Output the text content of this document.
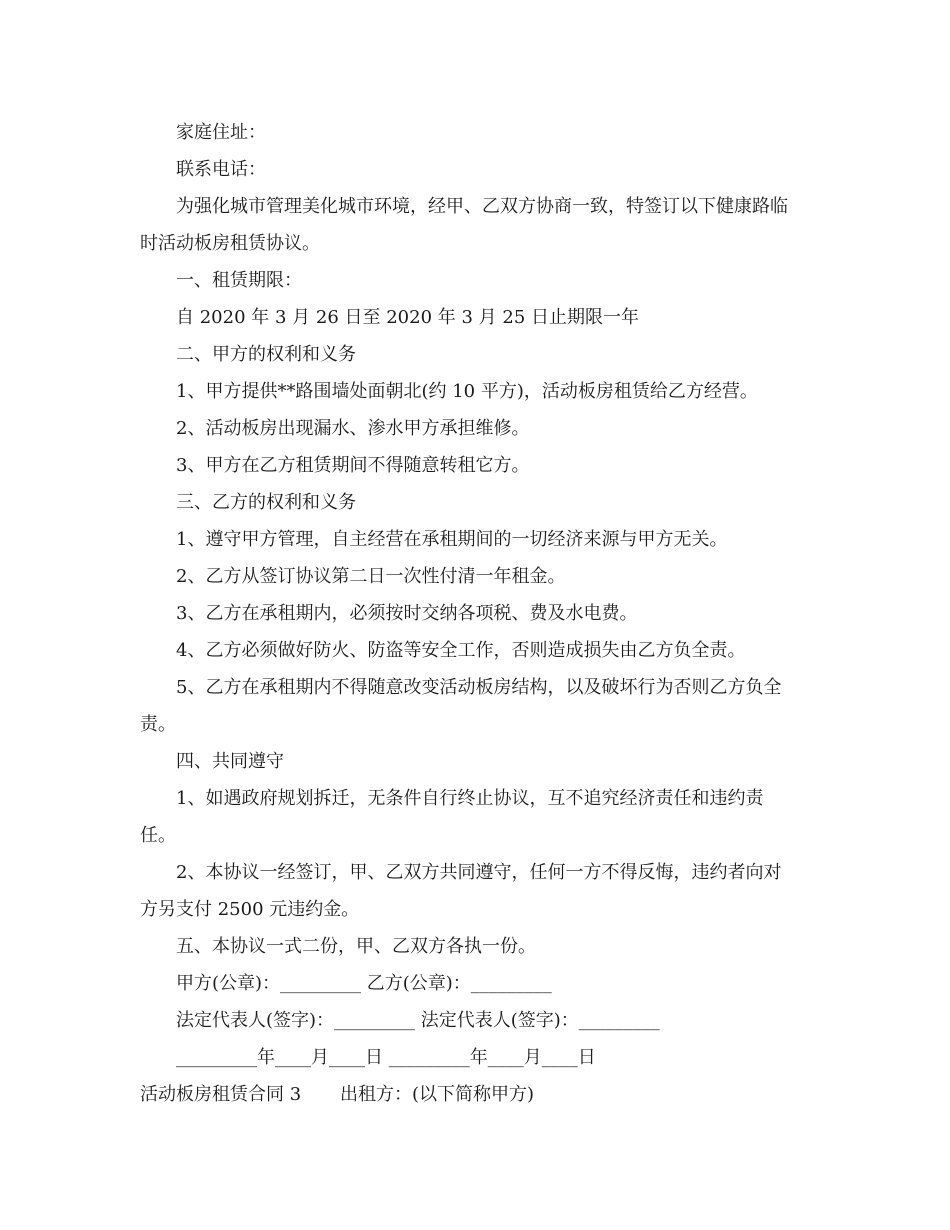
家庭住址：

联系电话：

为强化城市管理美化城市环境，经甲、乙双方协商一致，特签订以下健康路临

时活动板房租赁协议。

一、租赁期限：

自 2020 年 3 月 26 日至 2020 年 3 月 25 日止期限一年

二、甲方的权利和义务

1、甲方提供**路围墙处面朝北(约 10 平方)，活动板房租赁给乙方经营。

2、活动板房出现漏水、渗水甲方承担维修。

3、甲方在乙方租赁期间不得随意转租它方。

三、乙方的权利和义务

1、遵守甲方管理，自主经营在承租期间的一切经济来源与甲方无关。

2、乙方从签订协议第二日一次性付清一年租金。

3、乙方在承租期内，必须按时交纳各项税、费及水电费。

4、乙方必须做好防火、防盗等安全工作，否则造成损失由乙方负全责。

5、乙方在承租期内不得随意改变活动板房结构，以及破坏行为否则乙方负全

责。

四、共同遵守

1、如遇政府规划拆迁，无条件自行终止协议，互不追究经济责任和违约责

任。

2、本协议一经签订，甲、乙双方共同遵守，任何一方不得反悔，违约者向对

方另支付 2500 元违约金。

五、本协议一式二份，甲、乙双方各执一份。

甲方(公章)：_________ 乙方(公章)：_________

法定代表人(签字)：_________ 法定代表人(签字)：_________

_________年____月____日 _________年____月____日

活动板房租赁合同 3 出租方：(以下简称甲方)
